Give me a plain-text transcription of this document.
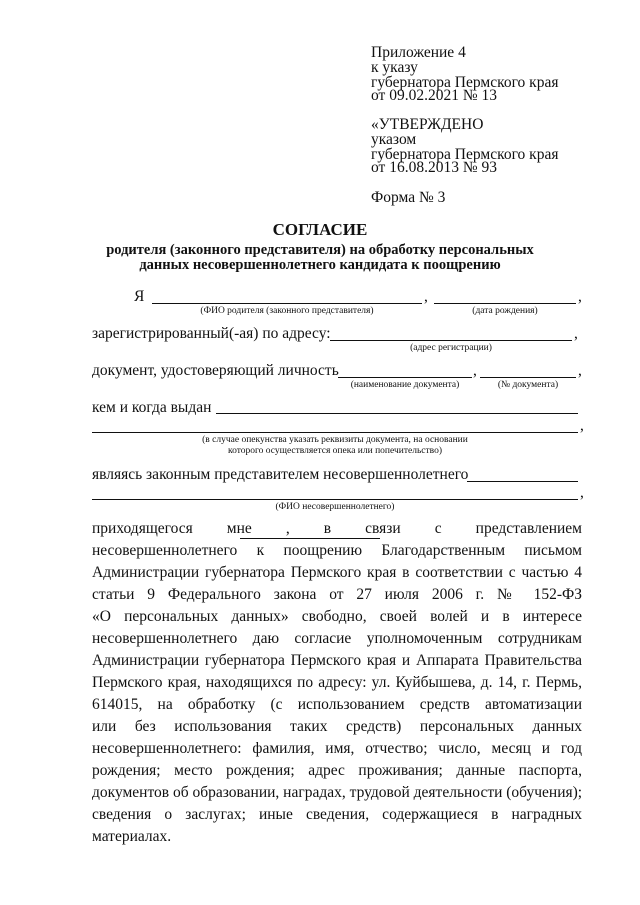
Приложение 4
к указу
губернатора Пермского края
от 09.02.2021 № 13
«УТВЕРЖДЕНО
указом
губернатора Пермского края
от 16.08.2013 № 93
Форма № 3
СОГЛАСИЕ
родителя (законного представителя) на обработку персональных
данных несовершеннолетнего кандидата к поощрению
Я	,	,
(ФИО родителя (законного представителя)	(дата рождения)
зарегистрированный(-ая) по адресу:	,
(адрес регистрации)
документ, удостоверяющий личность	,	,
(наименование документа)	(№ документа)
кем и когда выдан
,
(в случае опекунства указать реквизиты документа, на основании
которого осуществляется опека или попечительство)
являясь законным представителем несовершеннолетнего
,
(ФИО несовершеннолетнего)
приходящегося мне , в связи с представлением
несовершеннолетнего к поощрению Благодарственным письмом
Администрации губернатора Пермского края в соответствии с частью 4
статьи 9 Федерального закона от 27 июля 2006 г. № 152-ФЗ
«О персональных данных» свободно, своей волей и в интересе
несовершеннолетнего даю согласие уполномоченным сотрудникам
Администрации губернатора Пермского края и Аппарата Правительства
Пермского края, находящихся по адресу: ул. Куйбышева, д. 14, г. Пермь,
614015, на обработку (с использованием средств автоматизации
или без использования таких средств) персональных данных
несовершеннолетнего: фамилия, имя, отчество; число, месяц и год
рождения; место рождения; адрес проживания; данные паспорта,
документов об образовании, наградах, трудовой деятельности (обучения);
сведения о заслугах; иные сведения, содержащиеся в наградных
материалах.
